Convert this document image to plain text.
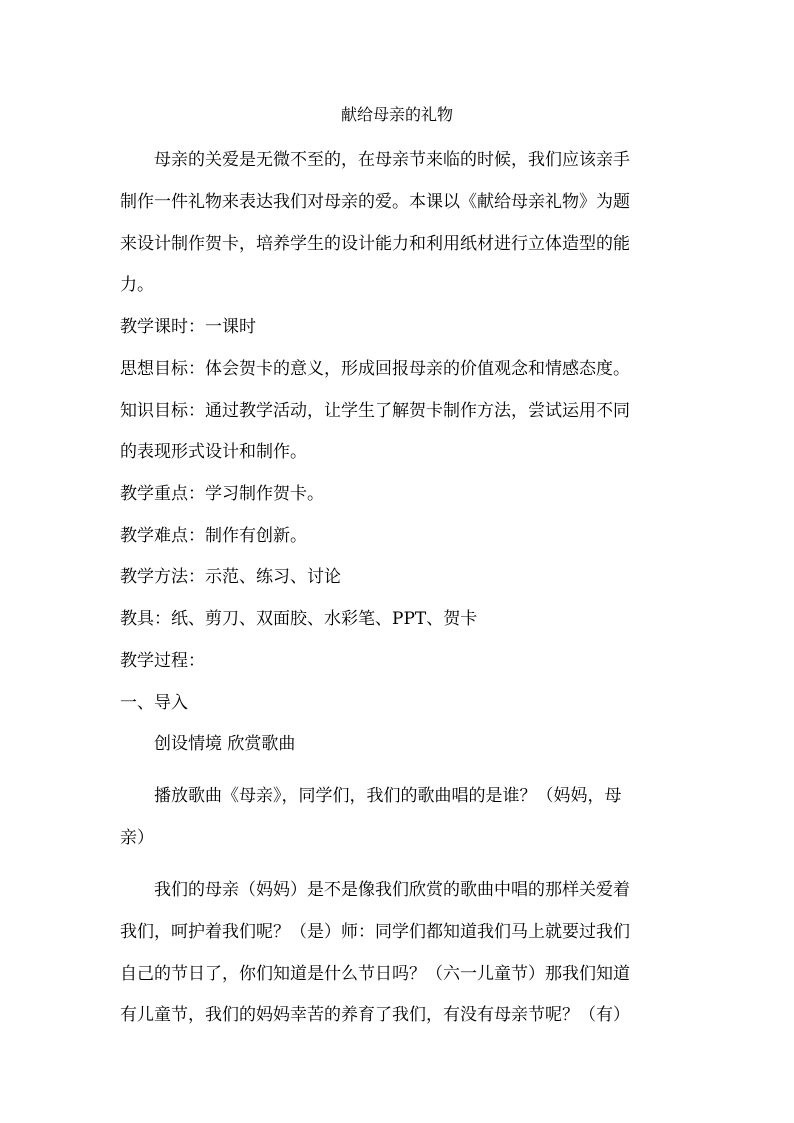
献给母亲的礼物
母亲的关爱是无微不至的，在母亲节来临的时候，我们应该亲手
制作一件礼物来表达我们对母亲的爱。本课以《献给母亲礼物》为题
来设计制作贺卡，培养学生的设计能力和利用纸材进行立体造型的能
力。
教学课时：一课时
思想目标：体会贺卡的意义，形成回报母亲的价值观念和情感态度。
知识目标：通过教学活动，让学生了解贺卡制作方法，尝试运用不同
的表现形式设计和制作。
教学重点：学习制作贺卡。
教学难点：制作有创新。
教学方法：示范、练习、讨论
教具：纸、剪刀、双面胶、水彩笔、PPT、贺卡
教学过程：
一、导入
创设情境 欣赏歌曲
播放歌曲《母亲》，同学们，我们的歌曲唱的是谁？（妈妈，母
亲）
我们的母亲（妈妈）是不是像我们欣赏的歌曲中唱的那样关爱着
我们，呵护着我们呢？（是）师：同学们都知道我们马上就要过我们
自己的节日了，你们知道是什么节日吗？（六一儿童节）那我们知道
有儿童节，我们的妈妈幸苦的养育了我们，有没有母亲节呢？（有）
